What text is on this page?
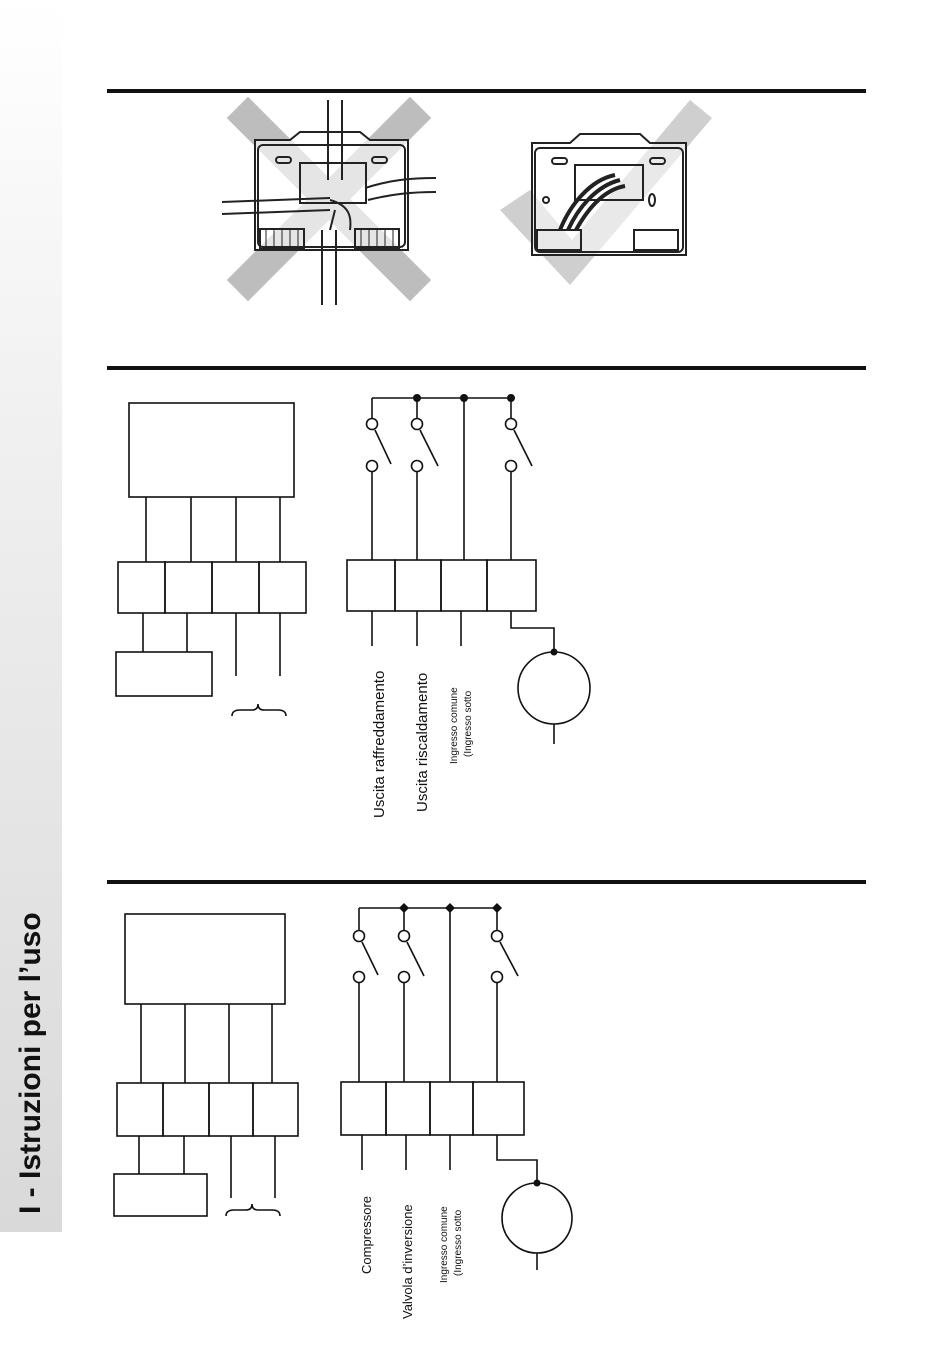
I - Istruzioni per l’uso
Uscita raffreddamento Uscita riscaldamento Ingresso comune (Ingresso sotto
Compressore Valvola d’inversione Ingresso comune (Ingresso sotto
